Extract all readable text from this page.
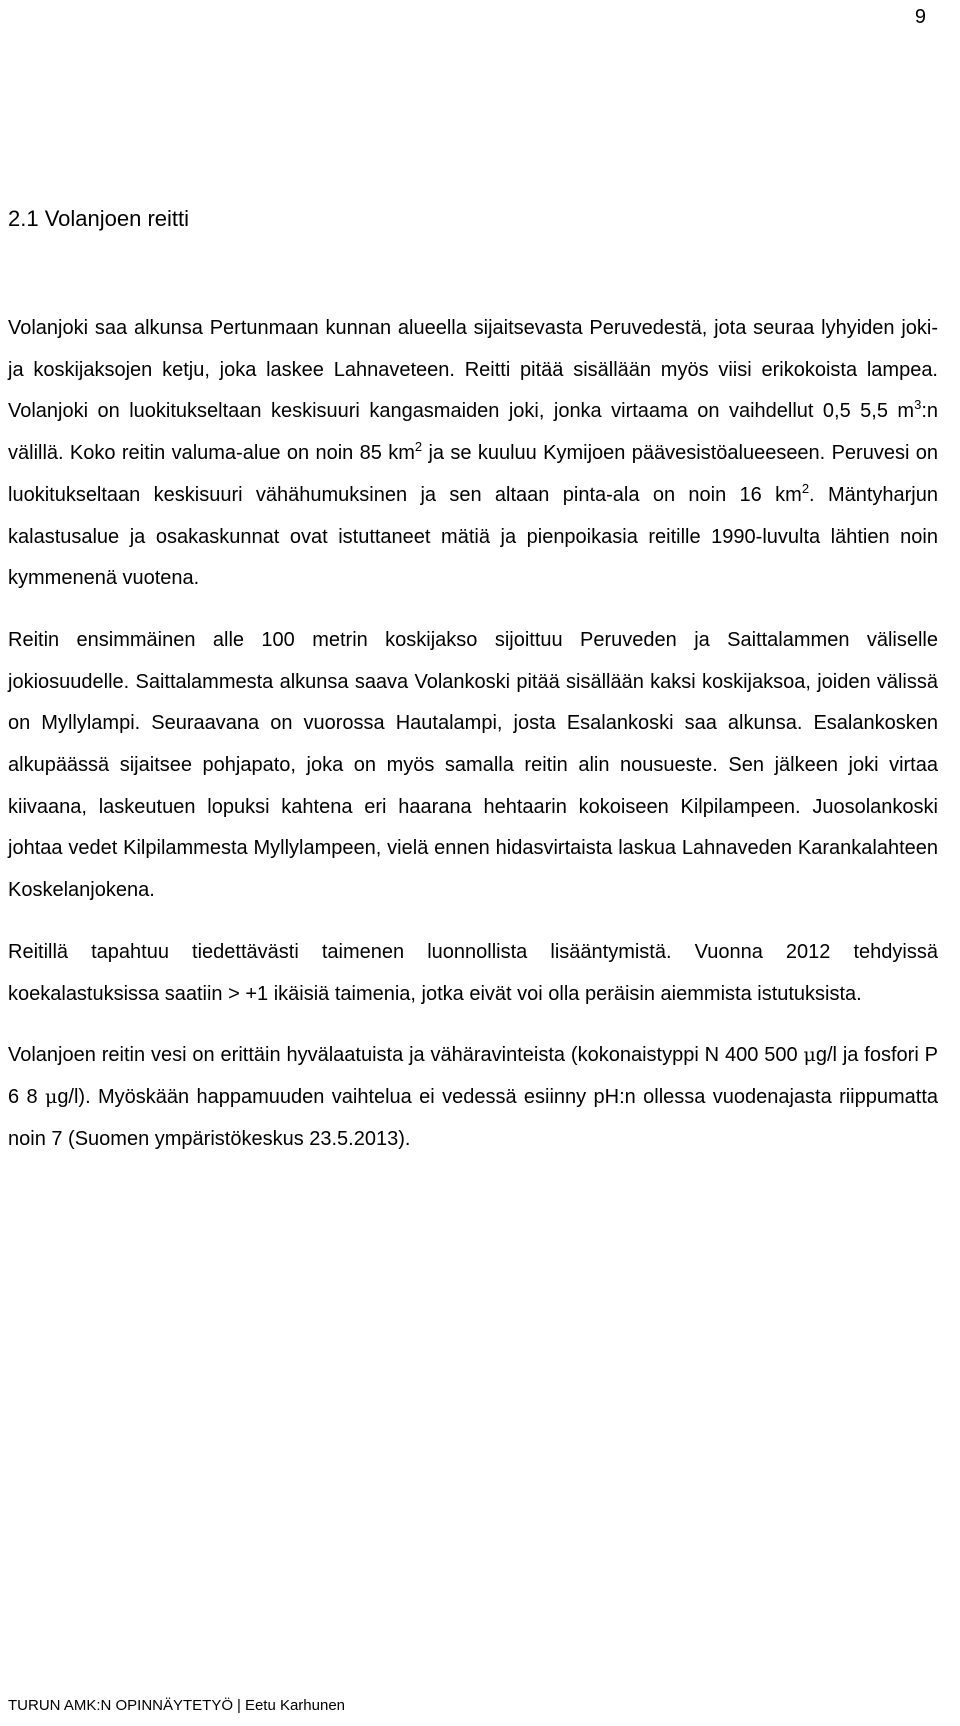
9
2.1 Volanjoen reitti

Volanjoki saa alkunsa Pertunmaan kunnan alueella sijaitsevasta Peruvedestä, jota seuraa lyhyiden joki- ja koskijaksojen ketju, joka laskee Lahnaveteen. Reitti pitää sisällään myös viisi erikokoista lampea. Volanjoki on luokitukseltaan keskisuuri kangasmaiden joki, jonka virtaama on vaihdellut 0,5 5,5 $m^3:n$ välillä. Koko reitin valuma-alue on noin 85 $km^2$ ja se kuuluu Kymijoen päävesistöalueeseen. Peruvesi on luokitukseltaan keskisuuri vähähumuksinen ja sen altaan pinta-ala on noin 16 $km^2$. Mäntyharjun kalastusalue ja osakaskunnat ovat istuttaneet mätiä ja pienpoikasia reitille 1990-luvulta lähtien noin kymmenenä vuotena.

Reitin ensimmäinen alle 100 metrin koskijakso sijoittuu Peruveden ja Saittalammen väliselle jokiosuudelle. Saittalammesta alkunsa saava Volankoski pitää sisällään kaksi koskijaksoa, joiden välissä on Myllylampi. Seuraavana on vuorossa Hautalampi, josta Esalankoski saa alkunsa. Esalankosken alkupäässä sijaitsee pohjapato, joka on myös samalla reitin alin nousueste. Sen jälkeen joki virtaa kiivaana, laskeutuen lopuksi kahtena eri haarana hehtaarin kokoiseen Kilpilampeen. Juosolankoski johtaa vedet Kilpilammesta Myllylampeen, vielä ennen hidasvirtaista laskua Lahnaveden Karankalahteen Koskelanjokena.

Reitillä tapahtuu tiedettävästi taimenen luonnollista lisääntymistä. Vuonna 2012 tehdyissä koekalastuksissa saatiin > +1 ikäisiä taimenia, jotka eivät voi olla peräisin aiemmista istutuksista.

Volanjoen reitin vesi on erittäin hyvälaatuista ja vähäravinteista (kokonaistyppi N 400 500 μg/l ja fosfori P 6 8 μg/l). Myöskään happamuuden vaihtelua ei vedessä esiinny pH:n ollessa vuodenajasta riippumatta noin 7 (Suomen ympäristökeskus 23.5.2013).

TURUN AMK:N OPINNÄYTETYÖ | Eetu Karhunen
